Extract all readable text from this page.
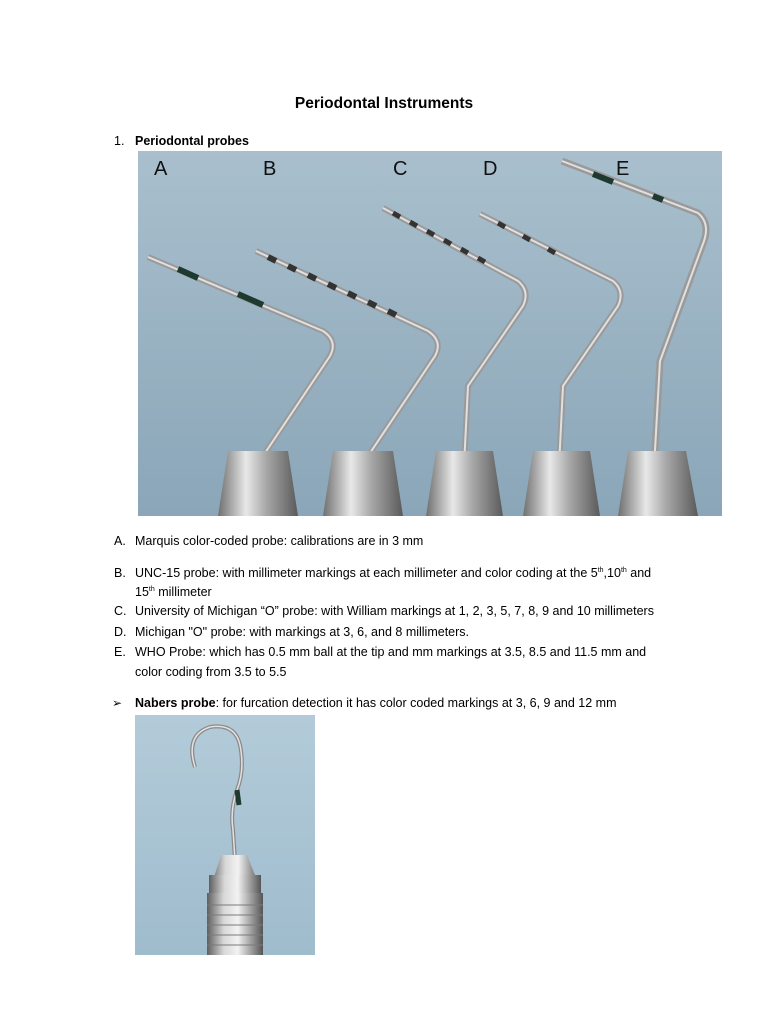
Periodontal Instruments
1. Periodontal probes
A	B	C	D	E
A. Marquis color-coded probe: calibrations are in 3 mm
B. UNC-15 probe: with millimeter markings at each millimeter and color coding at the 5th,10th and
15th millimeter
C. University of Michigan “O” probe: with William markings at 1, 2, 3, 5, 7, 8, 9 and 10 millimeters
D. Michigan "O" probe: with markings at 3, 6, and 8 millimeters.
E. WHO Probe: which has 0.5 mm ball at the tip and mm markings at 3.5, 8.5 and 11.5 mm and
color coding from 3.5 to 5.5
➢ Nabers probe: for furcation detection it has color coded markings at 3, 6, 9 and 12 mm
